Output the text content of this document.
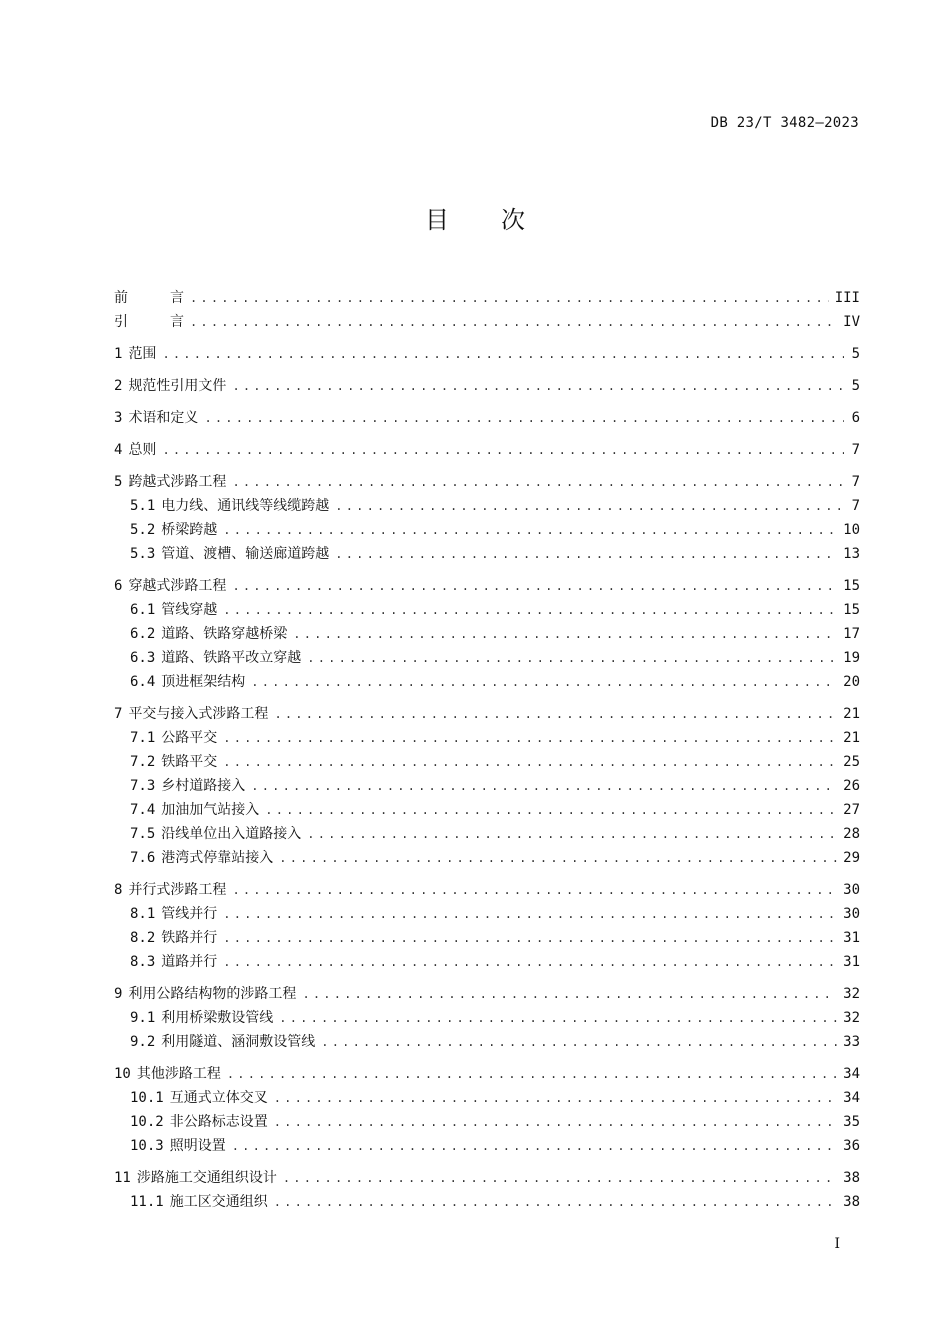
DB 23/T 3482—2023
目 次
前	言 .....	III
引	言 .....	IV
1 范围 .....	5
2 规范性引用文件 .....	5
3 术语和定义 .....	6
4 总则 .....	7
5 跨越式涉路工程 .....	7
5.1 电力线、通讯线等线缆跨越 .....	7
5.2 桥梁跨越 .....	10
5.3 管道、渡槽、输送廊道跨越 .....	13
6 穿越式涉路工程 .....	15
6.1 管线穿越 .....	15
6.2 道路、铁路穿越桥梁 .....	17
6.3 道路、铁路平改立穿越 .....	19
6.4 顶进框架结构 .....	20
7 平交与接入式涉路工程 .....	21
7.1 公路平交 .....	21
7.2 铁路平交 .....	25
7.3 乡村道路接入 .....	26
7.4 加油加气站接入 .....	27
7.5 沿线单位出入道路接入 .....	28
7.6 港湾式停靠站接入 .....	29
8 并行式涉路工程 .....	30
8.1 管线并行 .....	30
8.2 铁路并行 .....	31
8.3 道路并行 .....	31
9 利用公路结构物的涉路工程 .....	32
9.1 利用桥梁敷设管线 .....	32
9.2 利用隧道、涵洞敷设管线 .....	33
10 其他涉路工程 .....	34
10.1 互通式立体交叉 .....	34
10.2 非公路标志设置 .....	35
10.3 照明设置 .....	36
11 涉路施工交通组织设计 .....	38
11.1 施工区交通组织 .....	38
I
